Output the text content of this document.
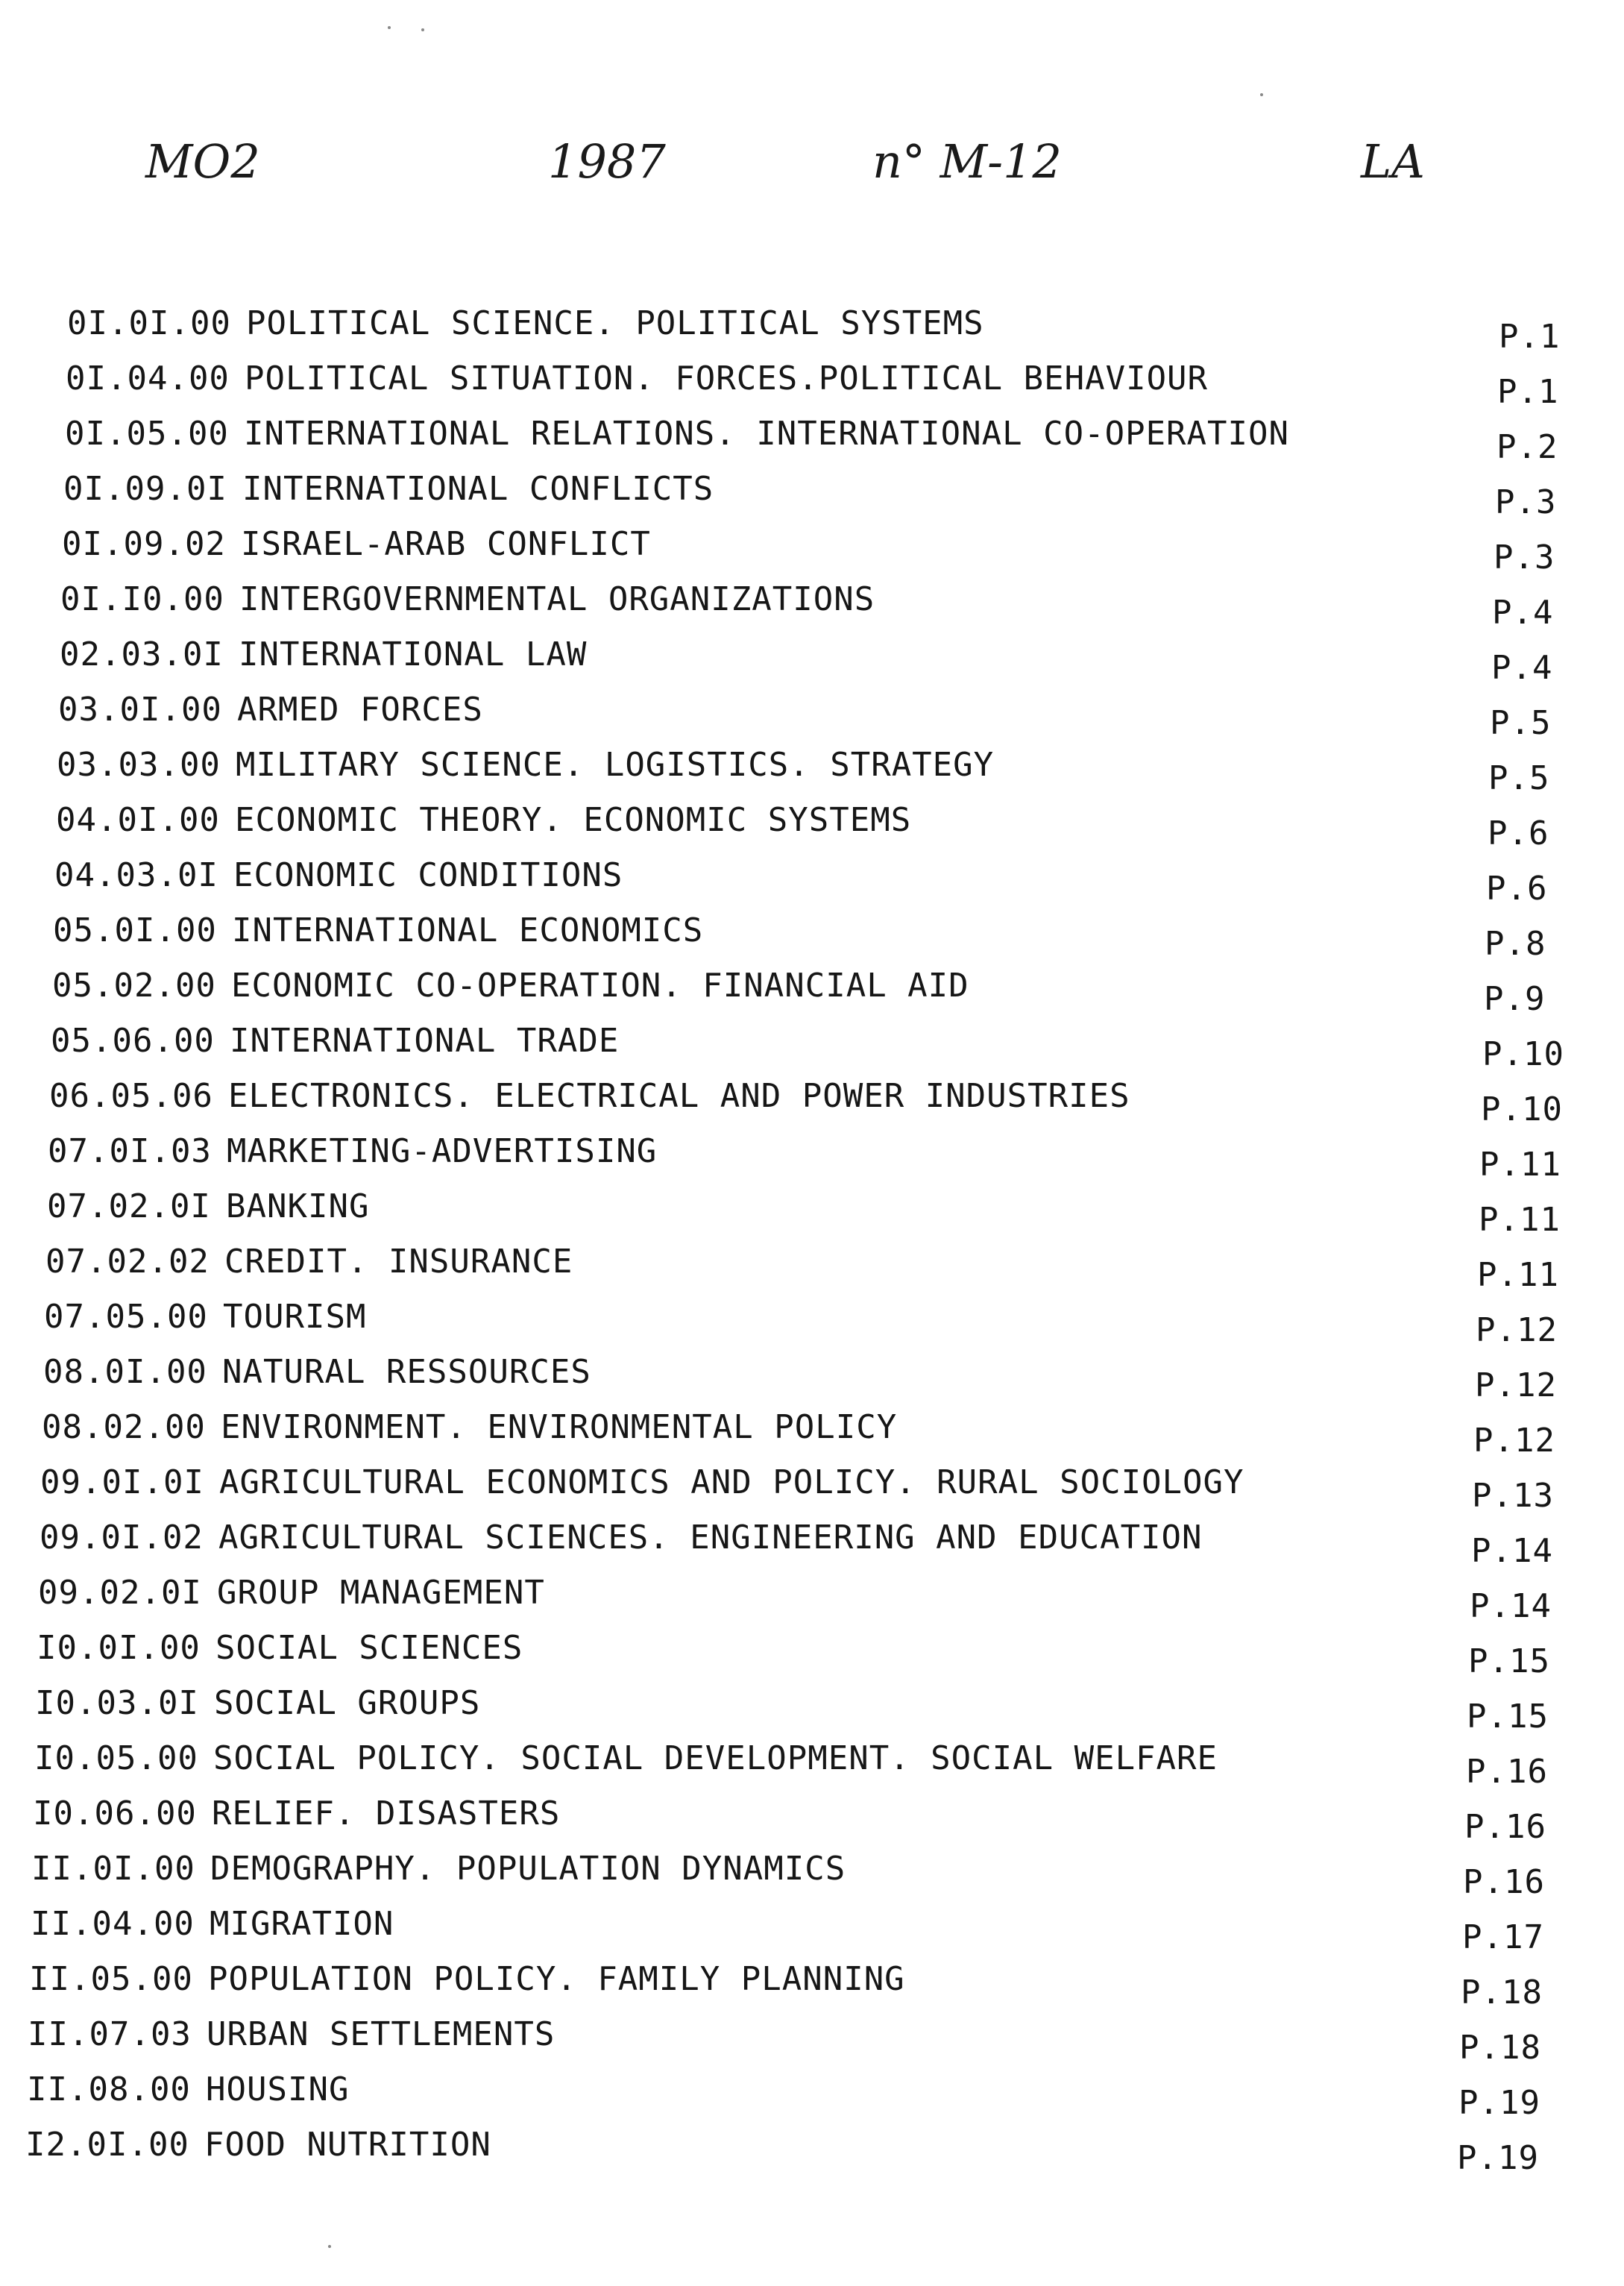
MO2	1987	n° M-12	LA
0I.0I.00 POLITICAL SCIENCE. POLITICAL SYSTEMS	P.1
0I.04.00 POLITICAL SITUATION. FORCES.POLITICAL BEHAVIOUR	P.1
0I.05.00 INTERNATIONAL RELATIONS. INTERNATIONAL CO-OPERATION	P.2
0I.09.0I INTERNATIONAL CONFLICTS	P.3
0I.09.02 ISRAEL-ARAB CONFLICT	P.3
0I.I0.00 INTERGOVERNMENTAL ORGANIZATIONS	P.4
02.03.0I INTERNATIONAL LAW	P.4
03.0I.00 ARMED FORCES	P.5
03.03.00 MILITARY SCIENCE. LOGISTICS. STRATEGY	P.5
04.0I.00 ECONOMIC THEORY. ECONOMIC SYSTEMS	P.6
04.03.0I ECONOMIC CONDITIONS	P.6
05.0I.00 INTERNATIONAL ECONOMICS	P.8
05.02.00 ECONOMIC CO-OPERATION. FINANCIAL AID	P.9
05.06.00 INTERNATIONAL TRADE	P.10
06.05.06 ELECTRONICS. ELECTRICAL AND POWER INDUSTRIES	P.10
07.0I.03 MARKETING-ADVERTISING	P.11
07.02.0I BANKING	P.11
07.02.02 CREDIT. INSURANCE	P.11
07.05.00 TOURISM	P.12
08.0I.00 NATURAL RESSOURCES	P.12
08.02.00 ENVIRONMENT. ENVIRONMENTAL POLICY	P.12
09.0I.0I AGRICULTURAL ECONOMICS AND POLICY. RURAL SOCIOLOGY	P.13
09.0I.02 AGRICULTURAL SCIENCES. ENGINEERING AND EDUCATION	P.14
09.02.0I GROUP MANAGEMENT	P.14
I0.0I.00 SOCIAL SCIENCES	P.15
I0.03.0I SOCIAL GROUPS	P.15
I0.05.00 SOCIAL POLICY. SOCIAL DEVELOPMENT. SOCIAL WELFARE	P.16
I0.06.00 RELIEF. DISASTERS	P.16
II.0I.00 DEMOGRAPHY. POPULATION DYNAMICS	P.16
II.04.00 MIGRATION	P.17
II.05.00 POPULATION POLICY. FAMILY PLANNING	P.18
II.07.03 URBAN SETTLEMENTS	P.18
II.08.00 HOUSING	P.19
I2.0I.00 FOOD NUTRITION	P.19
